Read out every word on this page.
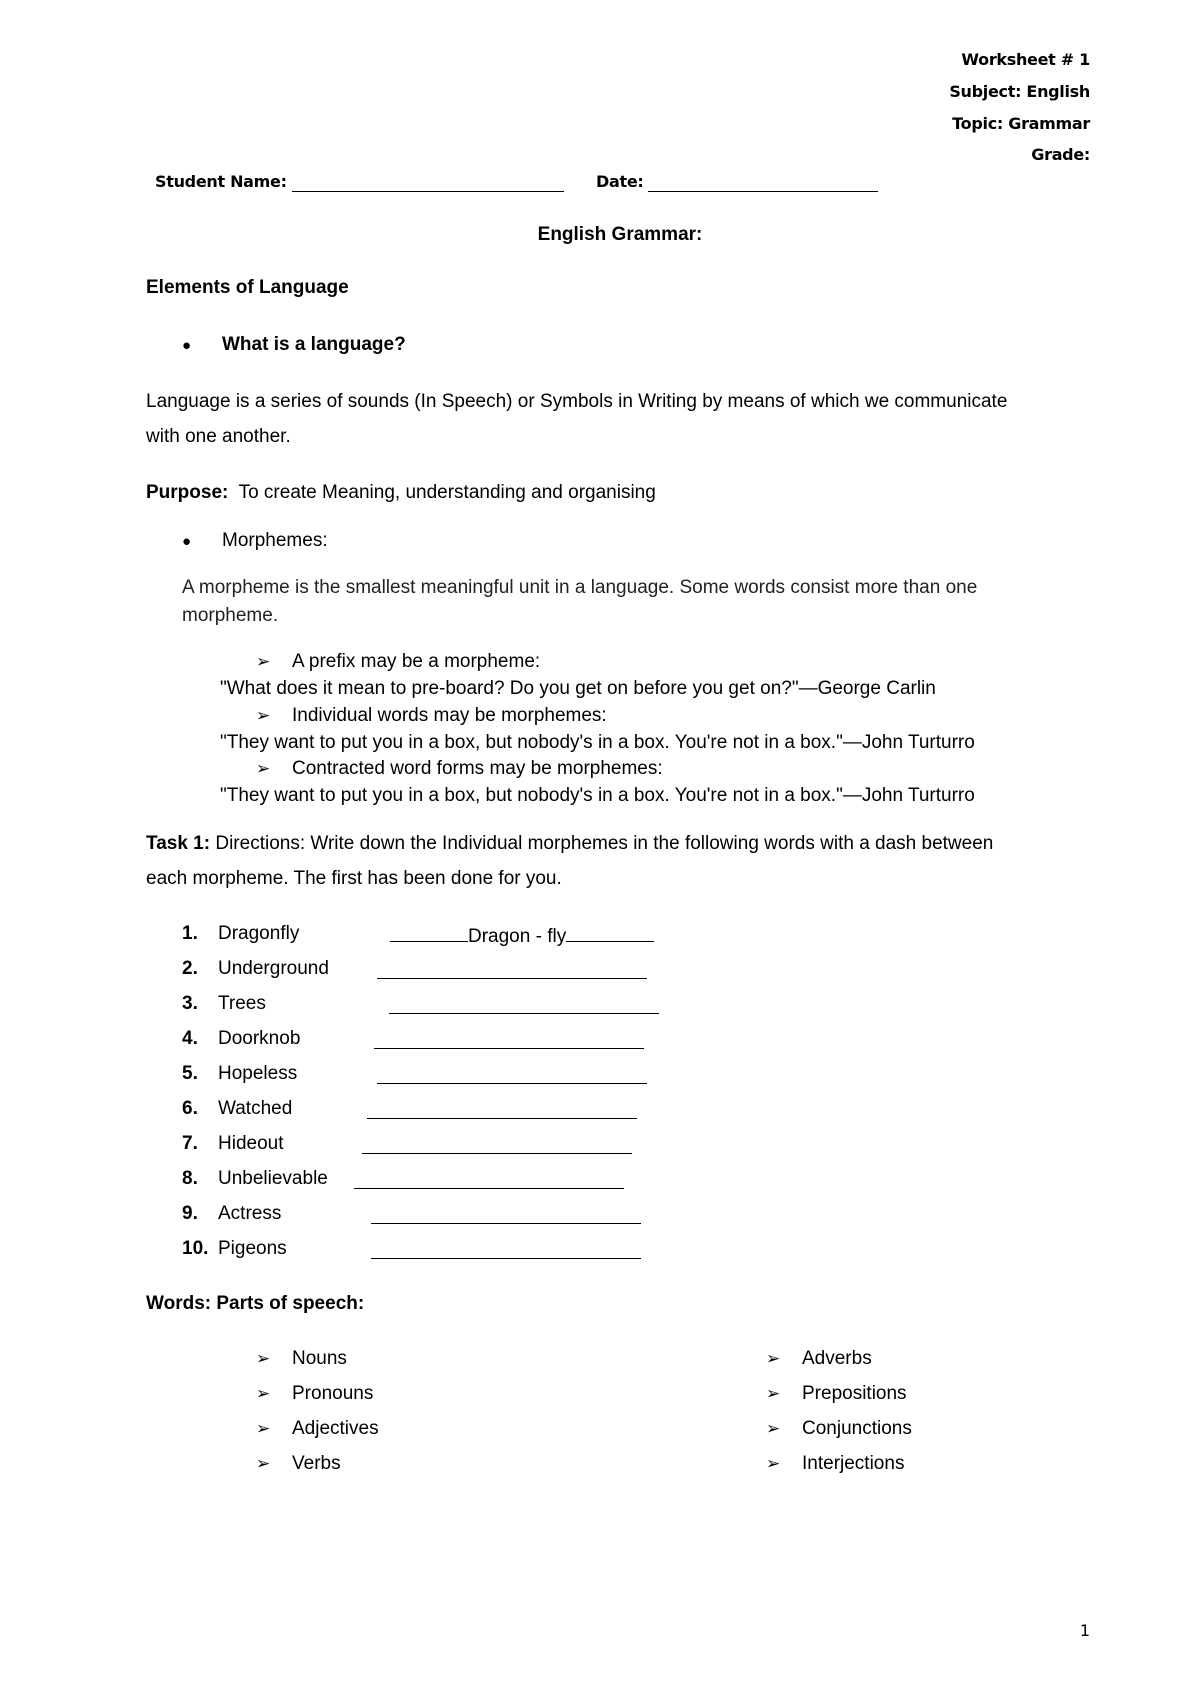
Worksheet # 1
Subject: English
Topic: Grammar
Grade:
Student Name:	Date:
English Grammar:
Elements of Language
● What is a language?
Language is a series of sounds (In Speech) or Symbols in Writing by means of which we communicate
with one another.
Purpose: To create Meaning, understanding and organising
● Morphemes:
A morpheme is the smallest meaningful unit in a language. Some words consist more than one
morpheme.
➢ A prefix may be a morpheme:
"What does it mean to pre-board? Do you get on before you get on?"—George Carlin
➢ Individual words may be morphemes:
"They want to put you in a box, but nobody's in a box. You're not in a box."—John Turturro
➢ Contracted word forms may be morphemes:
"They want to put you in a box, but nobody's in a box. You're not in a box."—John Turturro
Task 1: Directions: Write down the Individual morphemes in the following words with a dash between
each morpheme. The first has been done for you.
1. Dragonfly	Dragon - fly
2. Underground
3. Trees
4. Doorknob
5. Hopeless
6. Watched
7. Hideout
8. Unbelievable
9. Actress
10. Pigeons
Words: Parts of speech:
➢ Nouns
➢ Pronouns
➢ Adjectives
➢ Verbs
➢ Adverbs
➢ Prepositions
➢ Conjunctions
➢ Interjections
1
